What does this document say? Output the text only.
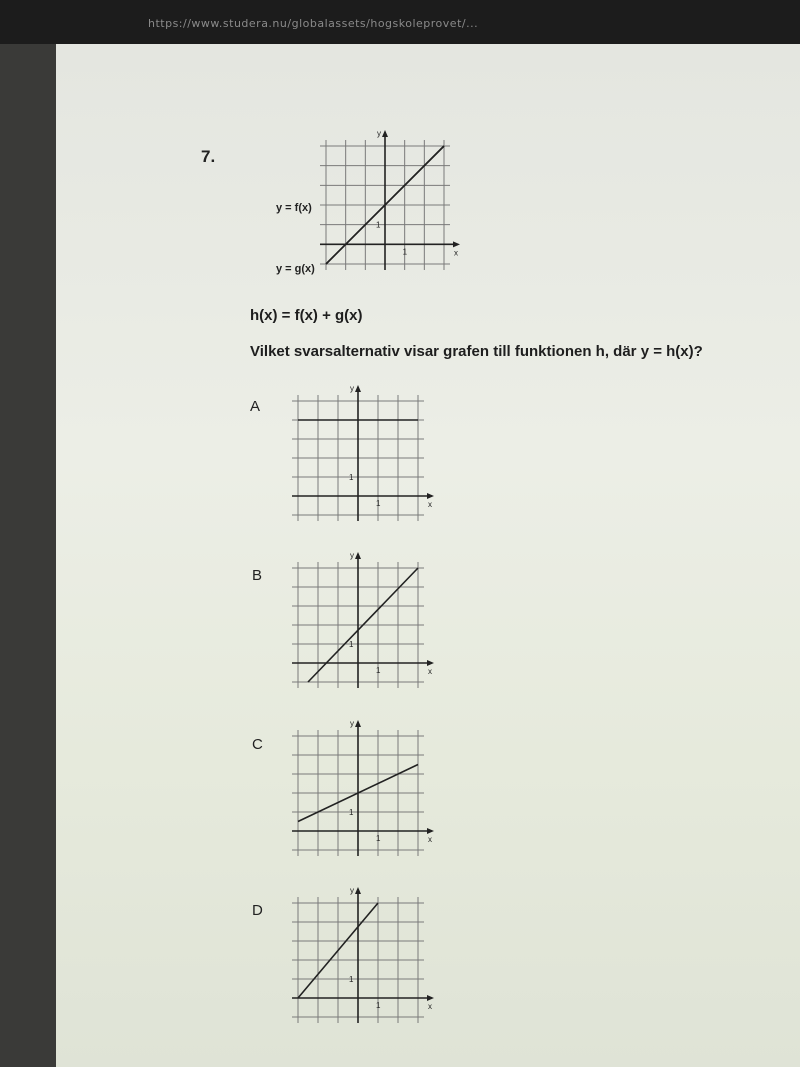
https://www.studera.nu/globalassets/hogskoleprovet/...
7.
x
y
1
1
y = f(x)
y = g(x)
h(x) = f(x) + g(x)
Vilket svarsalternativ visar grafen till funktionen h, där y = h(x)?
A
x
y
1
1
B
x
y
1
1
C
x
y
1
1
D
x
y
1
1
